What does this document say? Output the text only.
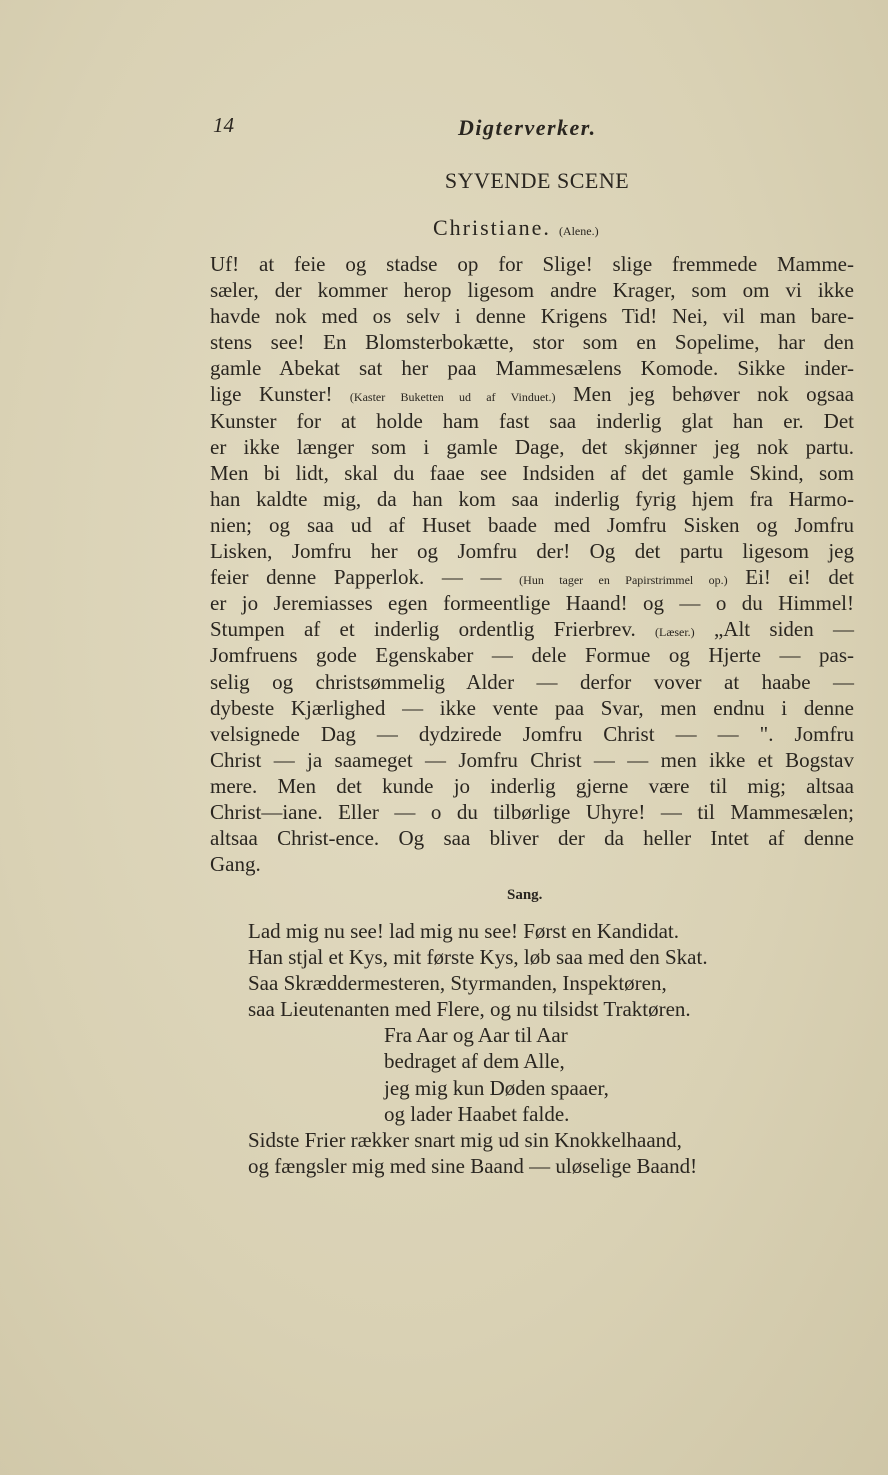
14	Digterverker.
SYVENDE SCENE
Christiane. (Alene.)
Uf! at feie og stadse op for Slige! slige fremmede Mamme-
sæler, der kommer herop ligesom andre Krager, som om vi ikke
havde nok med os selv i denne Krigens Tid! Nei, vil man bare-
stens see! En Blomsterbokætte, stor som en Sopelime, har den
gamle Abekat sat her paa Mammesælens Komode. Sikke inder-
lige Kunster! (Kaster Buketten ud af Vinduet.) Men jeg behøver nok ogsaa
Kunster for at holde ham fast saa inderlig glat han er. Det
er ikke længer som i gamle Dage, det skjønner jeg nok partu.
Men bi lidt, skal du faae see Indsiden af det gamle Skind, som
han kaldte mig, da han kom saa inderlig fyrig hjem fra Harmo-
nien; og saa ud af Huset baade med Jomfru Sisken og Jomfru
Lisken, Jomfru her og Jomfru der! Og det partu ligesom jeg
feier denne Papperlok. — — (Hun tager en Papirstrimmel op.) Ei! ei! det
er jo Jeremiasses egen formeentlige Haand! og — o du Himmel!
Stumpen af et inderlig ordentlig Frierbrev. (Læser.) „Alt siden —
Jomfruens gode Egenskaber — dele Formue og Hjerte — pas-
selig og christsømmelig Alder — derfor vover at haabe —
dybeste Kjærlighed — ikke vente paa Svar, men endnu i denne
velsignede Dag — dydzirede Jomfru Christ — — ". Jomfru
Christ — ja saameget — Jomfru Christ — — men ikke et Bogstav
mere. Men det kunde jo inderlig gjerne være til mig; altsaa
Christ—iane. Eller — o du tilbørlige Uhyre! — til Mammesælen;
altsaa Christ-ence. Og saa bliver der da heller Intet af denne
Gang.
Sang.
Lad mig nu see! lad mig nu see! Først en Kandidat.
Han stjal et Kys, mit første Kys, løb saa med den Skat.
Saa Skræddermesteren, Styrmanden, Inspektøren,
saa Lieutenanten med Flere, og nu tilsidst Traktøren.
Fra Aar og Aar til Aar
bedraget af dem Alle,
jeg mig kun Døden spaaer,
og lader Haabet falde.
Sidste Frier rækker snart mig ud sin Knokkelhaand,
og fængsler mig med sine Baand — uløselige Baand!
